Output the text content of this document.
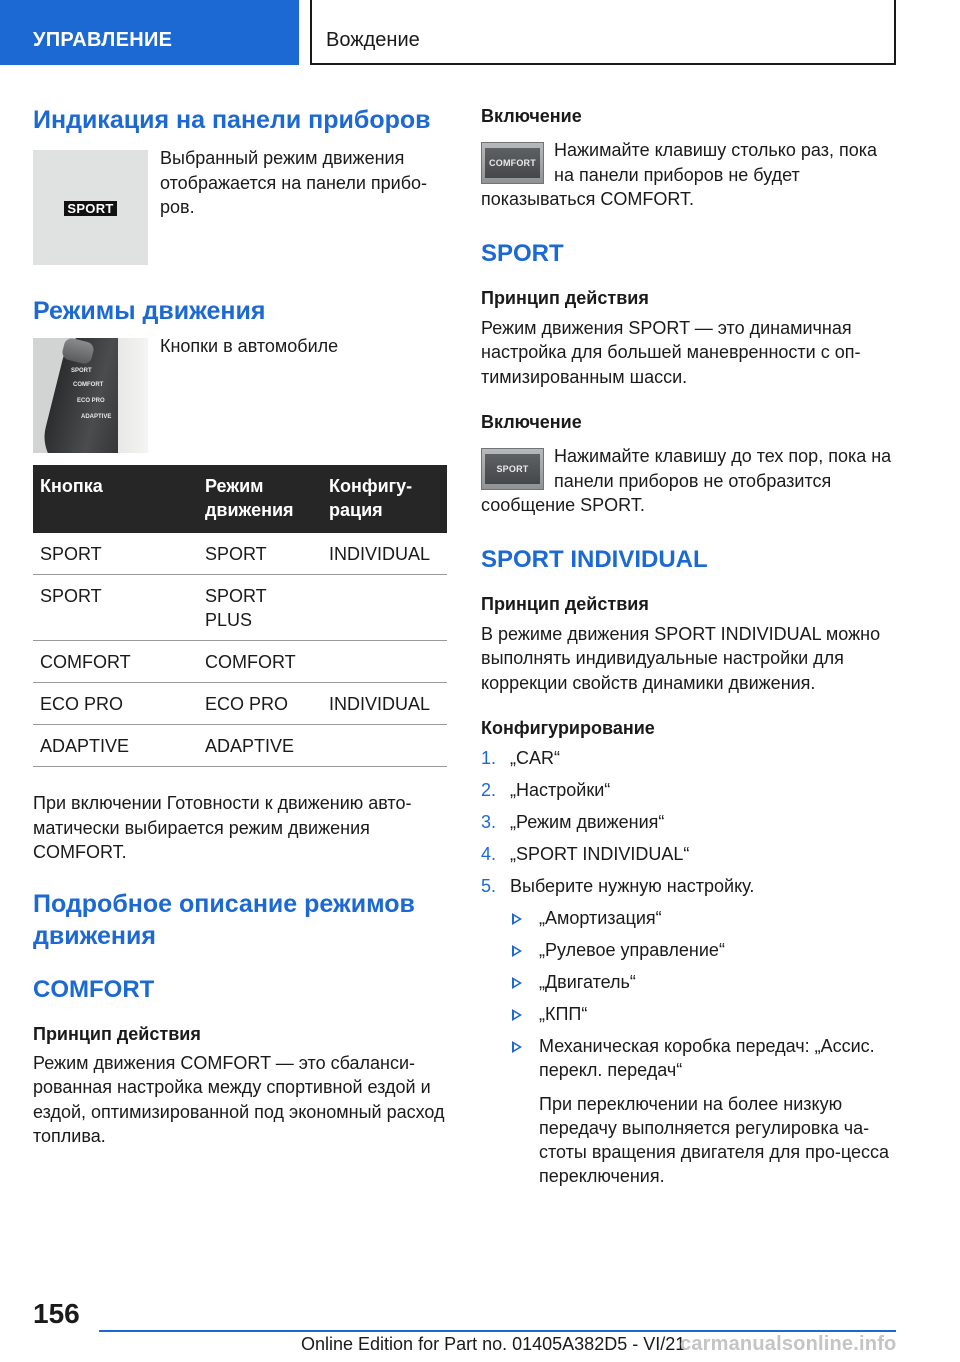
УПРАВЛЕНИЕ	Вождение
Индикация на панели приборов
SPORT
Выбранный режим движения отображается на панели прибо-ров.
Режимы движения
SPORT
COMFORT
ECO PRO
ADAPTIVE
Кнопки в автомобиле
Кнопка	Режим движения	Конфигу-рация
SPORT	SPORT	INDIVIDUAL
SPORT	SPORT PLUS	
COMFORT	COMFORT	
ECO PRO	ECO PRO	INDIVIDUAL
ADAPTIVE	ADAPTIVE	
При включении Готовности к движению авто-матически выбирается режим движения COMFORT.
Подробное описание режимов движения
COMFORT
Принцип действия
Режим движения COMFORT — это сбаланси-рованная настройка между спортивной ездой и ездой, оптимизированной под экономный расход топлива.
Включение
COMFORT
Нажимайте клавишу столько раз, пока на панели приборов не будет показываться COMFORT.
SPORT
Принцип действия
Режим движения SPORT — это динамичная настройка для большей маневренности с оп-тимизированным шасси.
Включение
SPORT
Нажимайте клавишу до тех пор, пока на панели приборов не отобразится сообщение SPORT.
SPORT INDIVIDUAL
Принцип действия
В режиме движения SPORT INDIVIDUAL можно выполнять индивидуальные настройки для коррекции свойств динамики движения.
Конфигурирование
1. „CAR“
2. „Настройки“
3. „Режим движения“
4. „SPORT INDIVIDUAL“
5. Выберите нужную настройку.
„Амортизация“
„Рулевое управление“
„Двигатель“
„КПП“
Механическая коробка передач: „Ассис. перекл. передач“
При переключении на более низкую передачу выполняется регулировка ча-стоты вращения двигателя для про-цесса переключения.
156
Online Edition for Part no. 01405A382D5 - VI/21
carmanualsonline.info
